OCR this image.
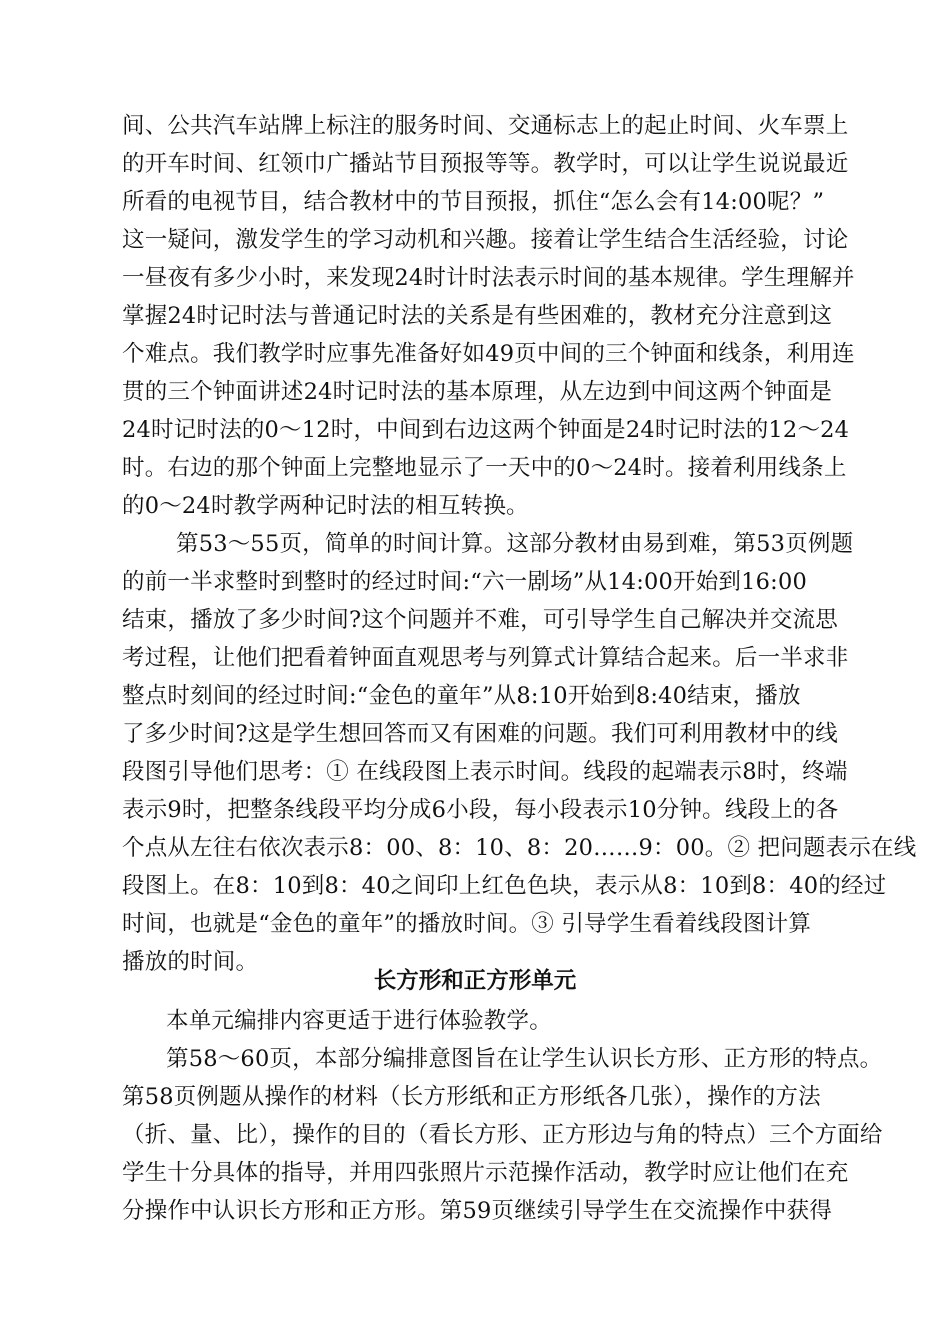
间、公共汽车站牌上标注的服务时间、交通标志上的起止时间、火车票上
的开车时间、红领巾广播站节目预报等等。教学时，可以让学生说说最近
所看的电视节目，结合教材中的节目预报，抓住“怎么会有14:00呢？”
这一疑问，激发学生的学习动机和兴趣。接着让学生结合生活经验，讨论
一昼夜有多少小时，来发现24时计时法表示时间的基本规律。学生理解并
掌握24时记时法与普通记时法的关系是有些困难的，教材充分注意到这
个难点。我们教学时应事先准备好如49页中间的三个钟面和线条，利用连
贯的三个钟面讲述24时记时法的基本原理，从左边到中间这两个钟面是
24时记时法的0～12时，中间到右边这两个钟面是24时记时法的12～24
时。右边的那个钟面上完整地显示了一天中的0～24时。接着利用线条上
的0～24时教学两种记时法的相互转换。
第53～55页，简单的时间计算。这部分教材由易到难，第53页例题
的前一半求整时到整时的经过时间:“六一剧场”从14:00开始到16:00
结束，播放了多少时间?这个问题并不难，可引导学生自己解决并交流思
考过程，让他们把看着钟面直观思考与列算式计算结合起来。后一半求非
整点时刻间的经过时间:“金色的童年”从8:10开始到8:40结束，播放
了多少时间?这是学生想回答而又有困难的问题。我们可利用教材中的线
段图引导他们思考：① 在线段图上表示时间。线段的起端表示8时，终端
表示9时，把整条线段平均分成6小段，每小段表示10分钟。线段上的各
个点从左往右依次表示8：00、8：10、8：20……9：00。② 把问题表示在线
段图上。在8：10到8：40之间印上红色色块，表示从8：10到8：40的经过
时间，也就是“金色的童年”的播放时间。③ 引导学生看着线段图计算
播放的时间。
长方形和正方形单元
本单元编排内容更适于进行体验教学。
第58～60页，本部分编排意图旨在让学生认识长方形、正方形的特点。
第58页例题从操作的材料（长方形纸和正方形纸各几张），操作的方法
（折、量、比），操作的目的（看长方形、正方形边与角的特点）三个方面给
学生十分具体的指导，并用四张照片示范操作活动，教学时应让他们在充
分操作中认识长方形和正方形。第59页继续引导学生在交流操作中获得
